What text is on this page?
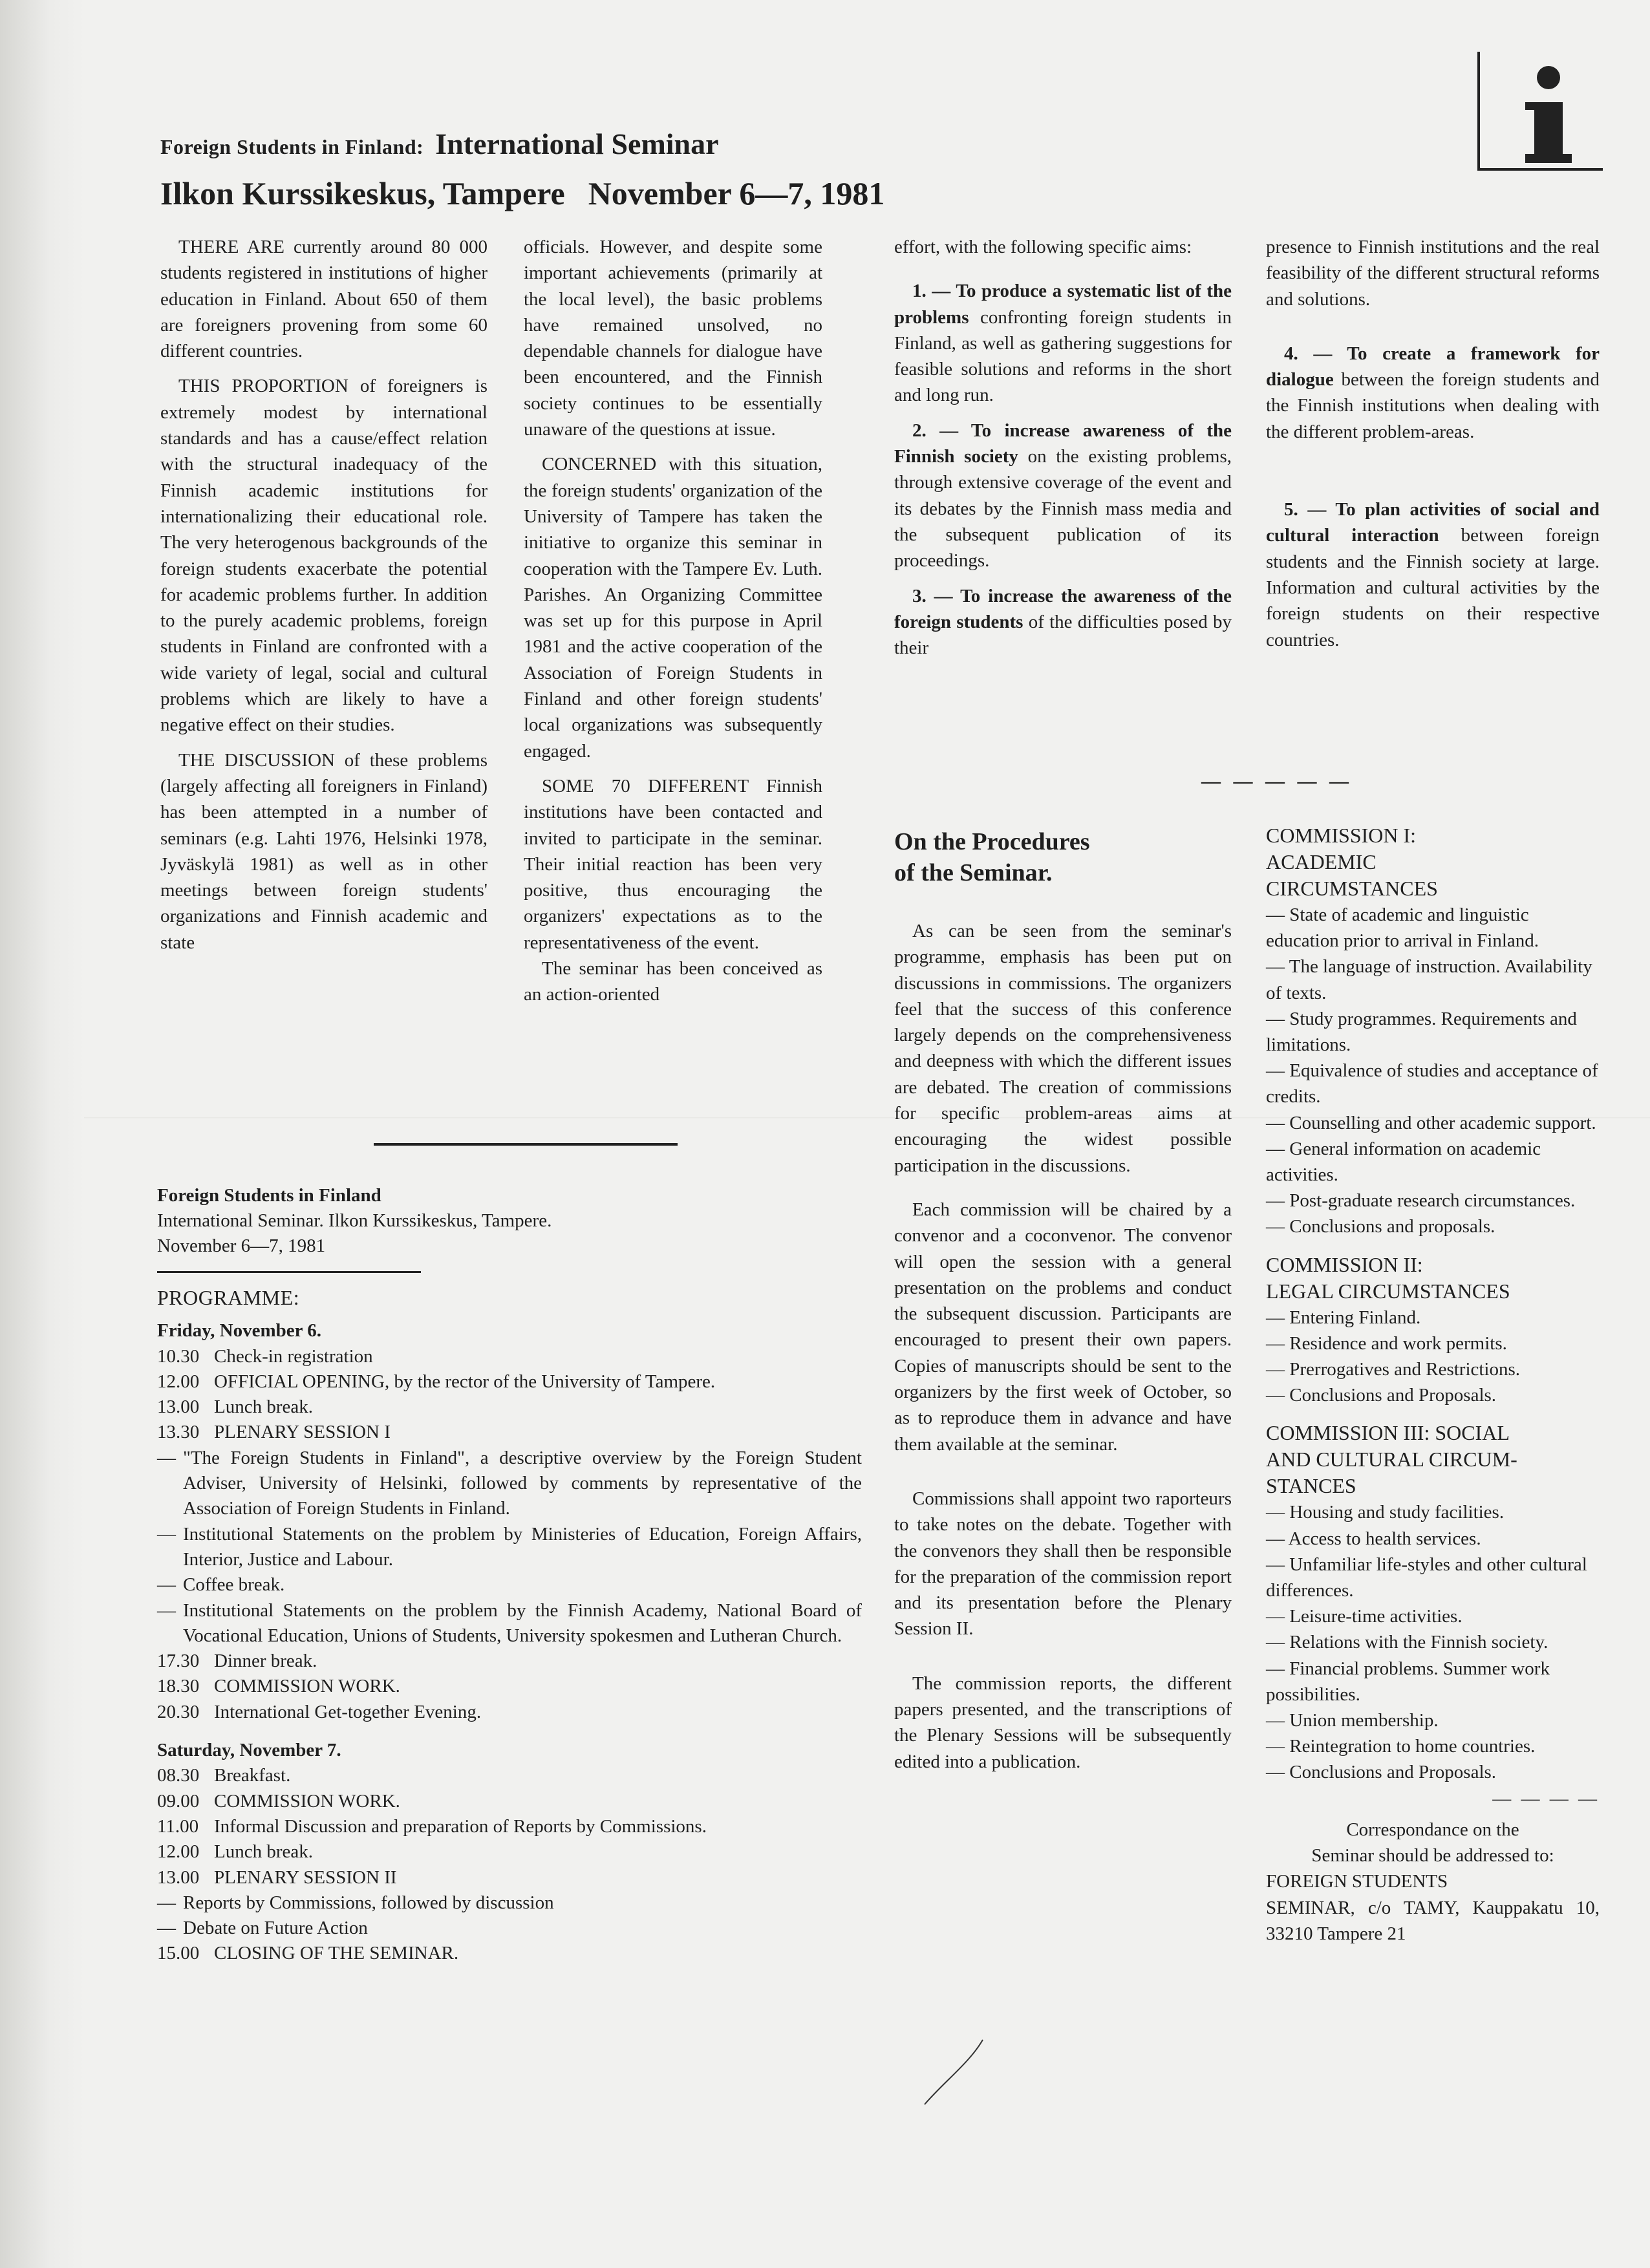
Foreign Students in Finland: International Seminar
Ilkon Kurssikeskus, Tampere November 6—7, 1981

THERE ARE currently around 80 000 students registered in institutions of higher education in Finland. About 650 of them are foreigners provening from some 60 different countries.

THIS PROPORTION of foreigners is extremely modest by international standards and has a cause/effect relation with the structural inadequacy of the Finnish academic institutions for internationalizing their educational role. The very heterogenous backgrounds of the foreign students exacerbate the potential for academic problems further. In addition to the purely academic problems, foreign students in Finland are confronted with a wide variety of legal, social and cultural problems which are likely to have a negative effect on their studies.

THE DISCUSSION of these problems (largely affecting all foreigners in Finland) has been attempted in a number of seminars (e.g. Lahti 1976, Helsinki 1978, Jyväskylä 1981) as well as in other meetings between foreign students' organizations and Finnish academic and state

officials. However, and despite some important achievements (primarily at the local level), the basic problems have remained unsolved, no dependable channels for dialogue have been encountered, and the Finnish society continues to be essentially unaware of the questions at issue.

CONCERNED with this situation, the foreign students' organization of the University of Tampere has taken the initiative to organize this seminar in cooperation with the Tampere Ev. Luth. Parishes. An Organizing Committee was set up for this purpose in April 1981 and the active cooperation of the Association of Foreign Students in Finland and other foreign students' local organizations was subsequently engaged.

SOME 70 DIFFERENT Finnish institutions have been contacted and invited to participate in the seminar. Their initial reaction has been very positive, thus encouraging the organizers' expectations as to the representativeness of the event.

The seminar has been conceived as an action-oriented

effort, with the following specific aims:

1. — To produce a systematic list of the problems confronting foreign students in Finland, as well as gathering suggestions for feasible solutions and reforms in the short and long run.

2. — To increase awareness of the Finnish society on the existing problems, through extensive coverage of the event and its debates by the Finnish mass media and the subsequent publication of its proceedings.

3. — To increase the awareness of the foreign students of the difficulties posed by their

presence to Finnish institutions and the real feasibility of the different structural reforms and solutions.

4. — To create a framework for dialogue between the foreign students and the Finnish institutions when dealing with the different problem-areas.

5. — To plan activities of social and cultural interaction between foreign students and the Finnish society at large. Information and cultural activities by the foreign students on their respective countries.

— — — — —
On the Procedures
of the Seminar.

As can be seen from the seminar's programme, emphasis has been put on discussions in commissions. The organizers feel that the success of this conference largely depends on the comprehensiveness and deepness with which the different issues are debated. The creation of commissions for specific problem-areas aims at encouraging the widest possible participation in the discussions.

Each commission will be chaired by a convenor and a coconvenor. The convenor will open the session with a general presentation on the problems and conduct the subsequent discussion. Participants are encouraged to present their own papers. Copies of manuscripts should be sent to the organizers by the first week of October, so as to reproduce them in advance and have them available at the seminar.

Commissions shall appoint two raporteurs to take notes on the debate. Together with the convenors they shall then be responsible for the preparation of the commission report and its presentation before the Plenary Session II.

The commission reports, the different papers presented, and the transcriptions of the Plenary Sessions will be subsequently edited into a publication.

COMMISSION I:

ACADEMIC

CIRCUMSTANCES

— State of academic and linguistic education prior to arrival in Finland.

— The language of instruction. Availability of texts.

— Study programmes. Requirements and limitations.

— Equivalence of studies and acceptance of credits.

— Counselling and other academic support.

— General information on academic activities.

— Post-graduate research circumstances.

— Conclusions and proposals.

COMMISSION II:

LEGAL CIRCUMSTANCES

— Entering Finland.

— Residence and work permits.

— Prerrogatives and Restrictions.

— Conclusions and Proposals.

COMMISSION III: SOCIAL

AND CULTURAL CIRCUM-

STANCES

— Housing and study facilities.

— Access to health services.

— Unfamiliar life-styles and other cultural differences.

— Leisure-time activities.

— Relations with the Finnish society.

— Financial problems. Summer work possibilities.

— Union membership.

— Reintegration to home countries.

— Conclusions and Proposals.

— — — —

Correspondance on the

Seminar should be addressed to:

FOREIGN STUDENTS

SEMINAR, c/o TAMY, Kauppakatu 10, 33210 Tampere 21

Foreign Students in Finland
International Seminar. Ilkon Kurssikeskus, Tampere.
November 6—7, 1981
PROGRAMME:
Friday, November 6.
10.30 Check-in registration
12.00 OFFICIAL OPENING, by the rector of the University of Tampere.
13.00 Lunch break.
13.30 PLENARY SESSION I
— "The Foreign Students in Finland", a descriptive overview by the Foreign Student Adviser, University of Helsinki, followed by comments by representative of the Association of Foreign Students in Finland.
— Institutional Statements on the problem by Ministeries of Education, Foreign Affairs, Interior, Justice and Labour.
— Coffee break.
— Institutional Statements on the problem by the Finnish Academy, National Board of Vocational Education, Unions of Students, University spokesmen and Lutheran Church.
17.30 Dinner break.
18.30 COMMISSION WORK.
20.30 International Get-together Evening.
Saturday, November 7.
08.30 Breakfast.
09.00 COMMISSION WORK.
11.00 Informal Discussion and preparation of Reports by Commissions.
12.00 Lunch break.
13.00 PLENARY SESSION II
— Reports by Commissions, followed by discussion
— Debate on Future Action
15.00 CLOSING OF THE SEMINAR.
